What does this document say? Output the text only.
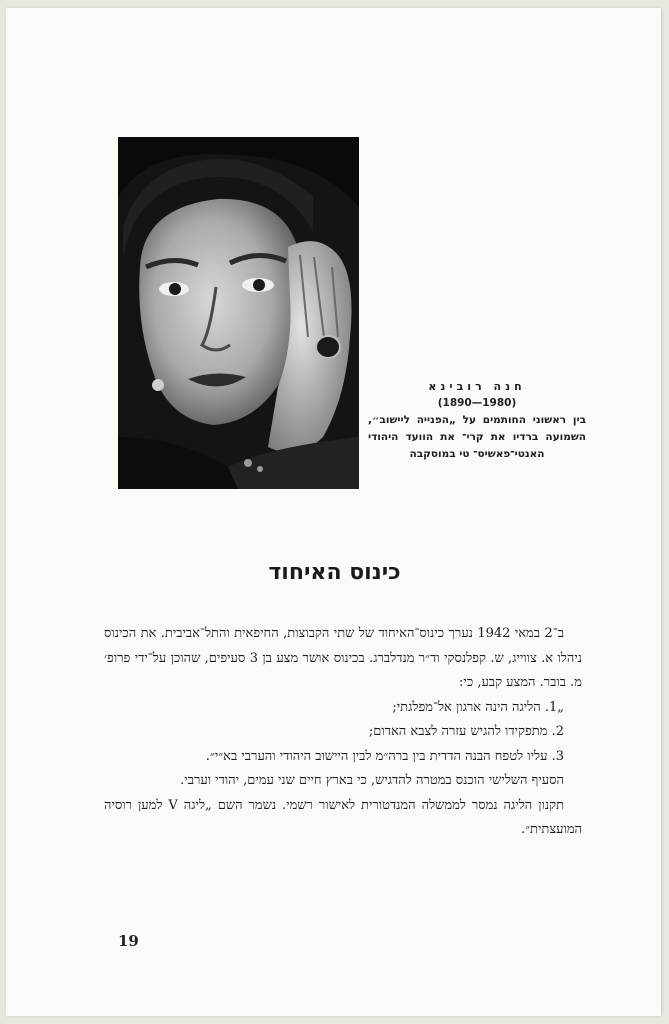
חנה רובינא
(1890—1980)
בין ראשוני החותמים על „הפנייה ליישוב״, השמועה ברדיו את קרי־ את הוועד היהודי האנטי־פאשיס־ טי במוסקבה
כינוס האיחוד

ב־2 במאי 1942 נערך כינוס־האיחוד של שתי הקבוצות, החיפאית והתל־אביבית. את הכינוס ניהלו א. צווייג, ש. קפלנסקי וד״ר מנדלברג. בכינוס אושר מצע בן 3 סעיפים, שהוכן על־ידי פרופ׳ מ. בובר. המצע קבע, כי:

„1. הליגה הינה ארגון אל־מפלגתי;

2. מתפקידו להגיש עזרה לצבא האדום;

3. עליו לטפח הבנה הדדית בין ברה״מ לבין היישוב היהודי והערבי בא״י״.

הסעיף השלישי הוכנס במטרה להדגיש, כי בארץ חיים שני עמים, יהודי וערבי.

תקנון הליגה נמסר לממשלה המנדטורית לאישור רשמי. נשמר השם „ליגה V למען רוסיה המועצתית״.

19
